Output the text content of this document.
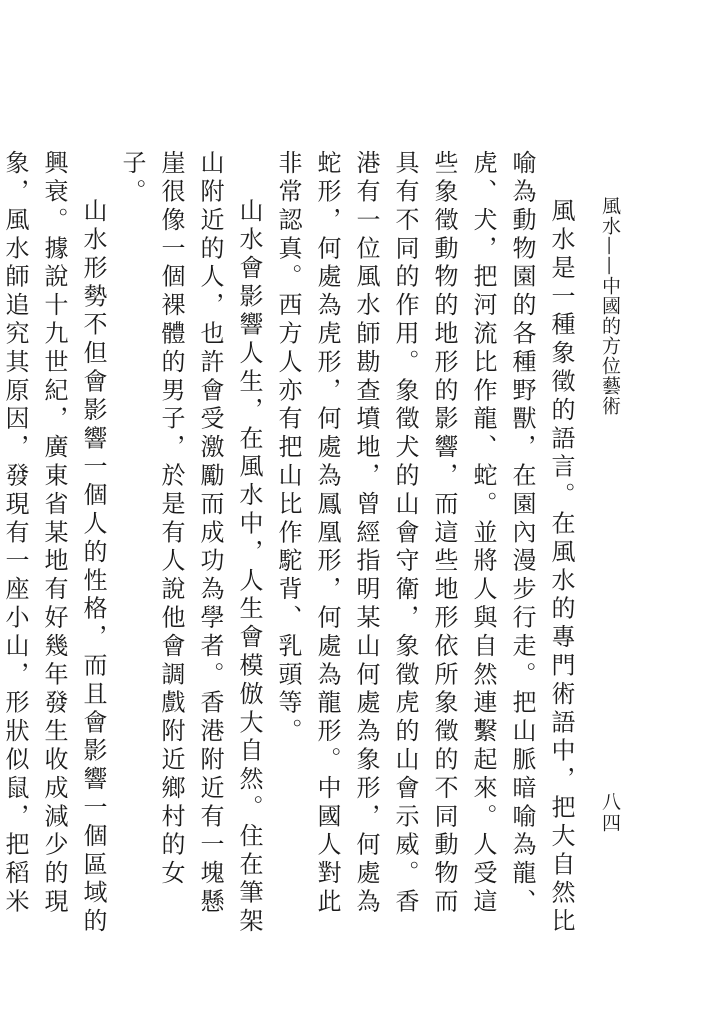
風水——中國的方位藝術
八四

風水是一種象徵的語言。在風水的專門術語中，把大自然比喻為動物園的各種野獸，在園內漫步行走。把山脈暗喻為龍、虎、犬，把河流比作龍、蛇。並將人與自然連繫起來。人受這些象徵動物的地形的影響，而這些地形依所象徵的不同動物而具有不同的作用。象徵犬的山會守衛，象徵虎的山會示威。香港有一位風水師勘查墳地，曾經指明某山何處為象形，何處為蛇形，何處為虎形，何處為鳳凰形，何處為龍形。中國人對此非常認真。西方人亦有把山比作駝背、乳頭等。

山水會影響人生，在風水中，人生會模倣大自然。住在筆架山附近的人，也許會受激勵而成功為學者。香港附近有一塊懸崖很像一個裸體的男子，於是有人說他會調戲附近鄉村的女子。

山水形勢不但會影響一個人的性格，而且會影響一個區域的興衰。據說十九世紀，廣東省某地有好幾年發生收成減少的現象，風水師追究其原因，發現有一座小山，形狀似鼠，把稻米
